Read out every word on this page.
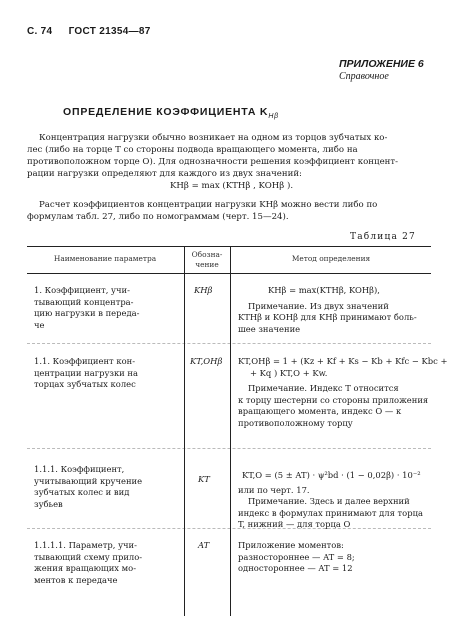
С. 74 ГОСТ 21354—87
ПРИЛОЖЕНИЕ 6
Справочное
ОПРЕДЕЛЕНИЕ КОЭФФИЦИЕНТА $K_{H\beta}$
Концентрация нагрузки обычно возникает на одном из торцов зубчатых ко-
лес (либо на торце T со стороны подвода вращающего момента, либо на
противоположном торце O). Для однозначности решения коэффициент концент-
рации нагрузки определяют для каждого из двух значений:
KHβ = max (KTHβ , KOHβ ).
Расчет коэффициентов концентрации нагрузки KHβ можно вести либо по
формулам табл. 27, либо по номограммам (черт. 15—24).
Таблица 27
Наименование параметра	Обозна-
чение
Метод определения
1. Коэффициент, учи-
тывающий концентра-
цию нагрузки в переда-
че
KHβ	KHβ = max(KTHβ, KOHβ),
Примечание. Из двух значений
KTHβ и KOHβ для KHβ принимают боль-
шее значение
1.1. Коэффициент кон-
центрации нагрузки на
торцах зубчатых колес
KT,OHβ KT,OHβ = 1 + (Kz + Kf + Ks − Kb + Kfc − Kbc +
+ Kq ) KT,O + Kw.
Примечание. Индекс T относится
к торцу шестерни со стороны приложения
вращающего момента, индекс O — к
противоположному торцу
1.1.1. Коэффициент,
учитывающий кручение
зубчатых колес и вид
зубьев
KT	KT,O = (5 ± AT) · ψ²bd · (1 − 0,02β) · 10⁻²
или по черт. 17.
Примечание. Здесь и далее верхний
индекс в формулах принимают для торца
T, нижний — для торца O
1.1.1.1. Параметр, учи-
тывающий схему прило-
жения вращающих мо-
ментов к передаче
AT	Приложение моментов:
разностороннее — AT = 8;
одностороннее — AT = 12
